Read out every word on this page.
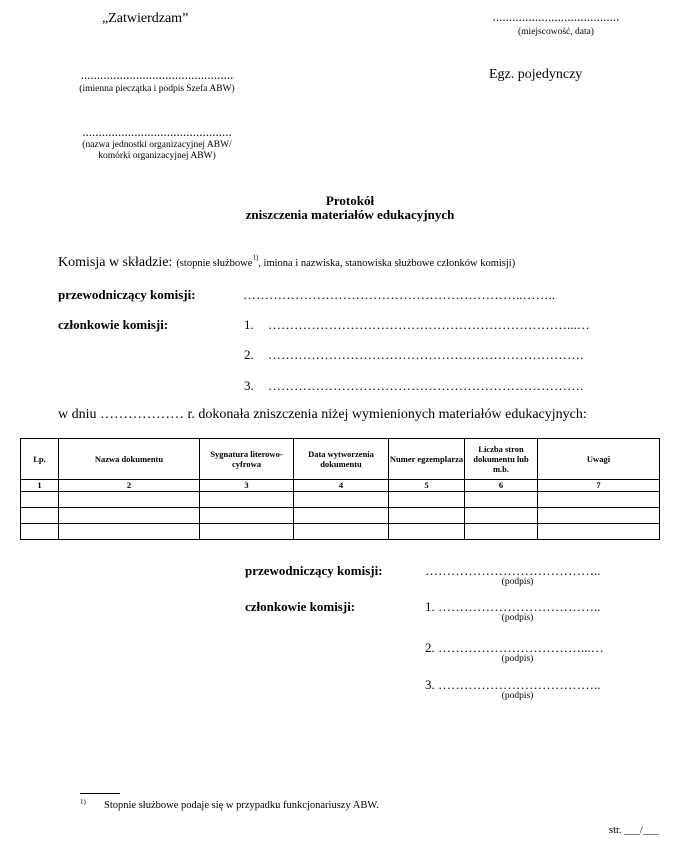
„Zatwierdzam”	.......................................
(miejscowość, data)
Egz. pojedynczy
...............................................
(imienna pieczątka i podpis Szefa ABW)
..............................................
(nazwa jednostki organizacyjnej ABW/
komórki organizacyjnej ABW)
Protokół
zniszczenia materiałów edukacyjnych
Komisja w składzie: (stopnie służbowe$^{1)}$, imiona i nazwiska, stanowiska służbowe członków komisji)
przewodniczący komisji:	………………………………………………………..……..
członkowie komisji:	1. ……………………………………………………………...…
2. ……………………………………………………………….
3. ……………………………………………………………….
w dniu ……………… r. dokonała zniszczenia niżej wymienionych materiałów edukacyjnych:
Lp.	Nazwa dokumentu	Sygnatura literowo-cyfrowa	Data wytworzenia dokumentu	Numer egzemplarza	Liczba stron dokumentu lub m.b.	Uwagi
1	2	3	4	5	6	7

przewodniczący komisji:	…………………………………..
(podpis)
członkowie komisji:	1. ………………………………..
(podpis)
2. ……………………………...…
(podpis)
3. ………………………………..
(podpis)
1) Stopnie służbowe podaje się w przypadku funkcjonariuszy ABW.
str. ___/___
